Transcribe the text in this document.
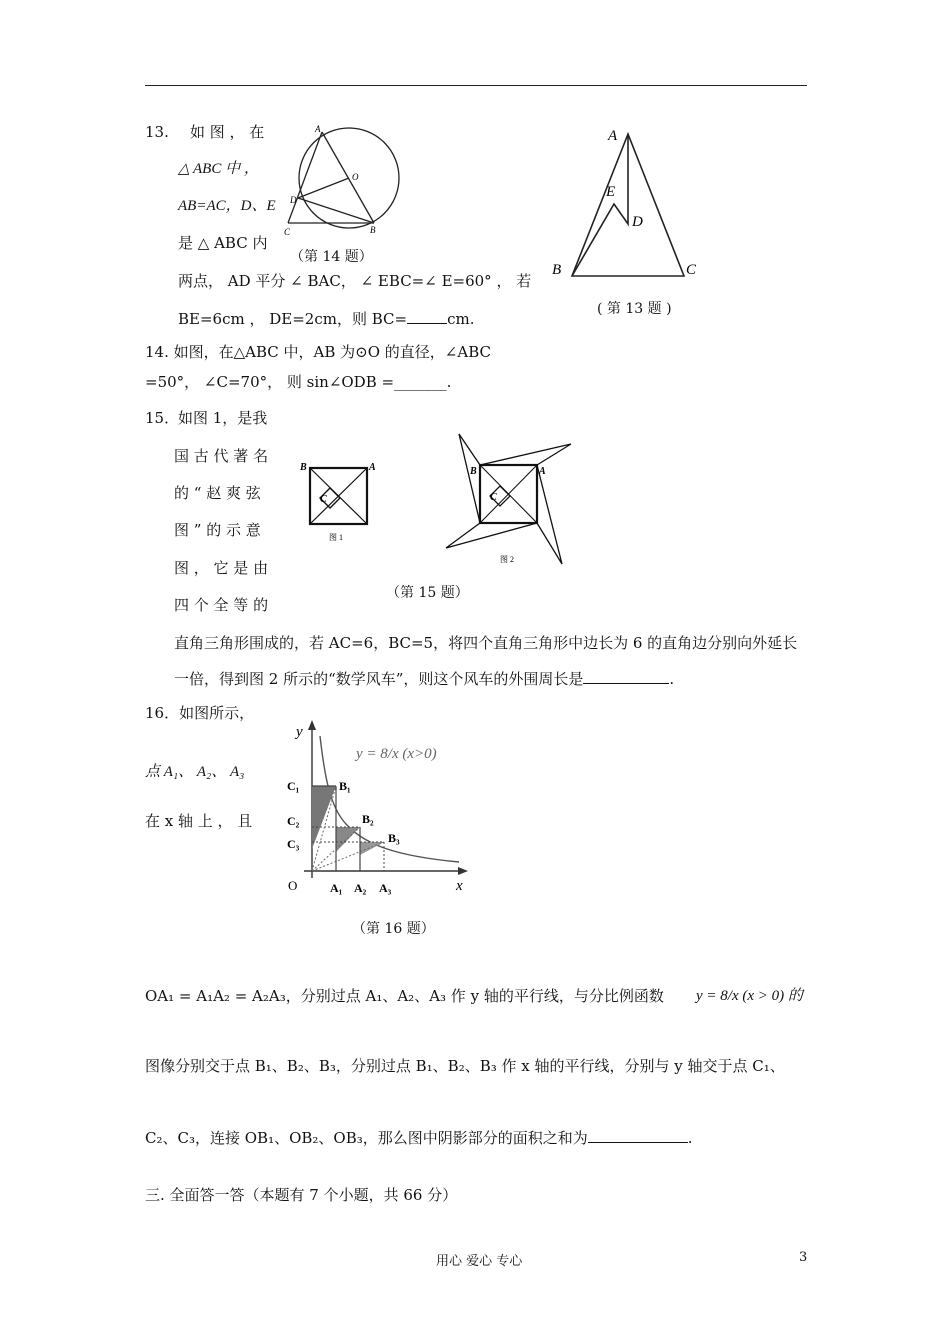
13. 如 图 ， 在
△ ABC 中 ，
AB=AC，D、E
是 △ ABC 内
两点， AD 平分 ∠ BAC， ∠ EBC=∠ E=60° ， 若
BE=6cm ， DE=2cm，则 BC=	cm.
A
O
D
C	B
（第 14 题）
A
E
D
B	C
( 第 13 题 )
14. 如图，在△ABC 中，AB 为⊙O 的直径，∠ABC
=50°， ∠C=70°， 则 sin∠ODB =_______.
15．
如图 1，是我
国 古 代 著 名
的 “ 赵 爽 弦
图 ” 的 示 意
图 ， 它 是 由
四 个 全 等 的
直角三角形围成的，若 AC=6，BC=5，将四个直角三角形中边长为 6 的直角边分别向外延长
一倍，得到图 2 所示的“数学风车”，则这个风车的外围周长是	.
B	A
C
图 1
B	A
C
图 2
（第 15 题）
16．如图所示，
点 A₁、 A₂、 A₃
在 x 轴 上 ， 且
y = 8/x (x>0)
y
x
O
C₁
C₂
C₃
B₁
B₂
B₃
A₁ A₂ A₃
（第 16 题）
OA₁ = A₁A₂ = A₂A₃，分别过点 A₁、A₂、A₃ 作 y 轴的平行线，与分比例函数 y = 8/x (x > 0) 的
图像分别交于点 B₁、B₂、B₃，分别过点 B₁、B₂、B₃ 作 x 轴的平行线，分别与 y 轴交于点 C₁、
C₂、C₃，连接 OB₁、OB₂、OB₃，那么图中阴影部分的面积之和为	.
三. 全面答一答（本题有 7 个小题，共 66 分）
用心 爱心 专心	3
